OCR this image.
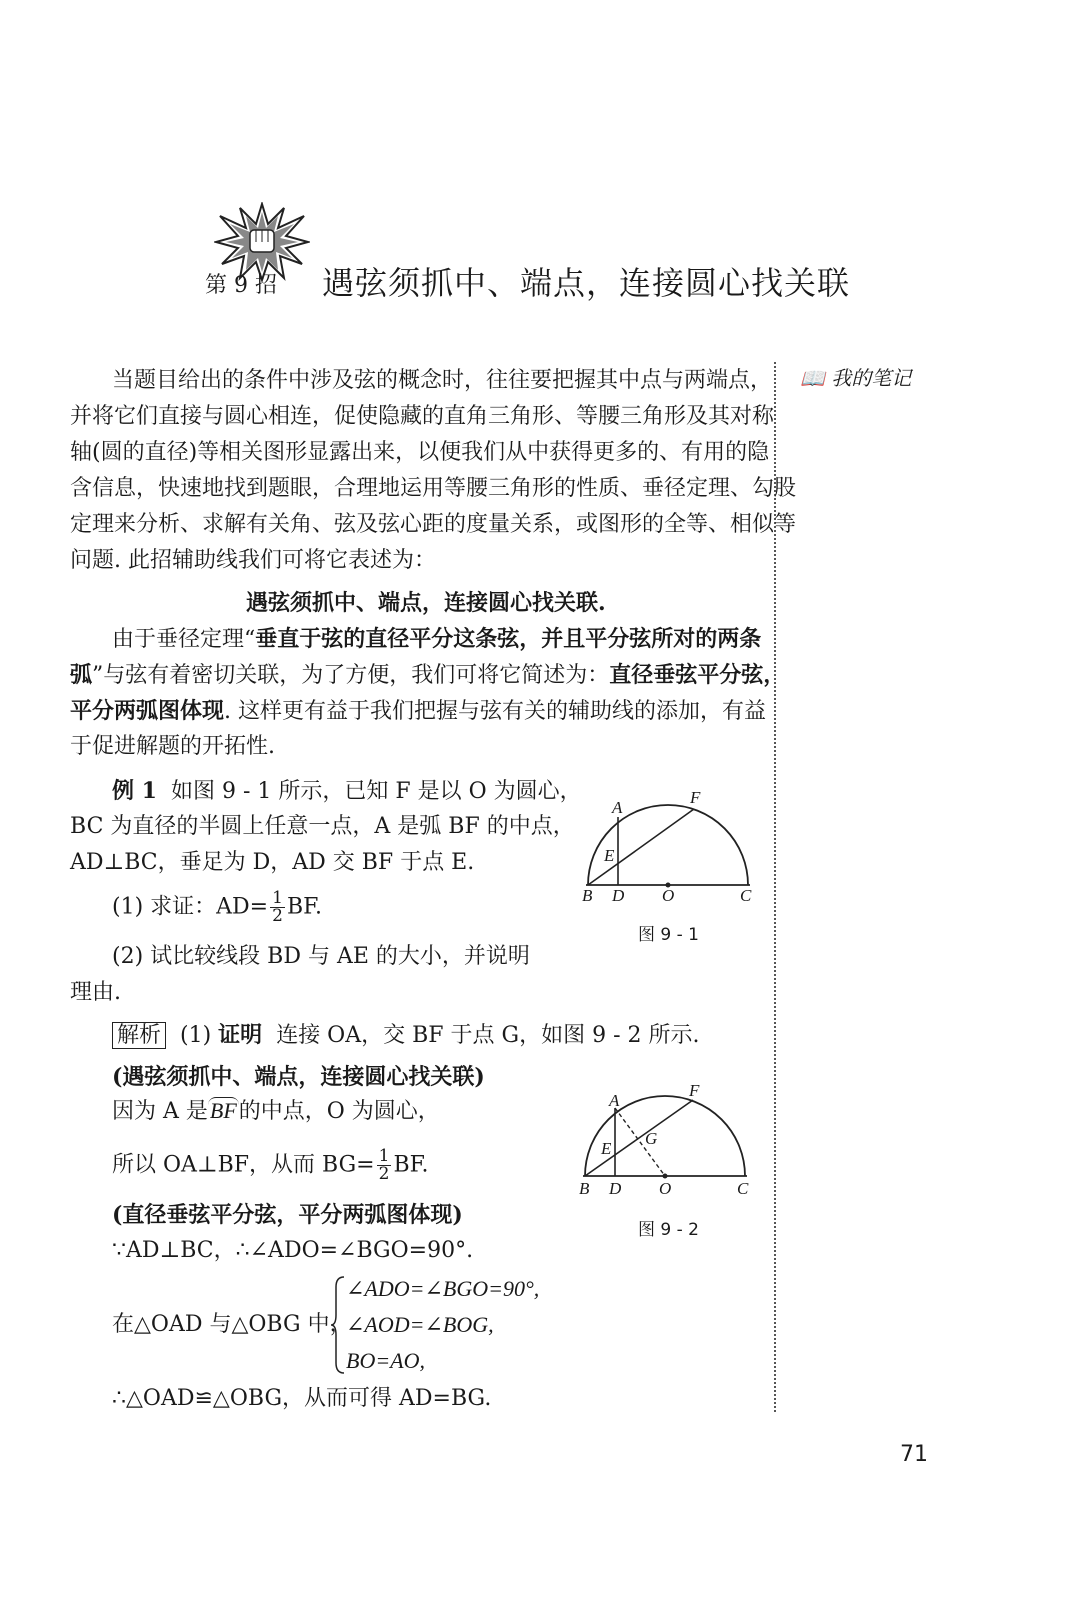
第 9 招 遇弦须抓中、端点，连接圆心找关联
📖 我的笔记
当题目给出的条件中涉及弦的概念时，往往要把握其中点与两端点，
并将它们直接与圆心相连，促使隐藏的直角三角形、等腰三角形及其对称
轴(圆的直径)等相关图形显露出来，以便我们从中获得更多的、有用的隐
含信息，快速地找到题眼，合理地运用等腰三角形的性质、垂径定理、勾股
定理来分析、求解有关角、弦及弦心距的度量关系，或图形的全等、相似等
问题. 此招辅助线我们可将它表述为：
遇弦须抓中、端点，连接圆心找关联.
由于垂径定理“垂直于弦的直径平分这条弦，并且平分弦所对的两条
弧”与弦有着密切关联，为了方便，我们可将它简述为：直径垂弦平分弦，
平分两弧图体现. 这样更有益于我们把握与弦有关的辅助线的添加，有益
于促进解题的开拓性.
例 1 如图 9 - 1 所示，已知 F 是以 O 为圆心，
BC 为直径的半圆上任意一点，A 是弧 BF 的中点，
AD⊥BC，垂足为 D，AD 交 BF 于点 E.
(1) 求证：$AD= \frac{1}{2}$ BF.
(2) 试比较线段 BD 与 AE 的大小，并说明
理由.
A
F
E
B D O	C
图 9 - 1
解析 (1) 证明 连接 OA，交 BF 于点 G，如图 9 - 2 所示.
(遇弦须抓中、端点，连接圆心找关联)
因为 A 是BF的中点，O 为圆心，
所以 OA⊥BF，从而 $BG= \frac{1}{2}$ BF.
(直径垂弦平分弦，平分两弧图体现)
∵AD⊥BC，∴∠ADO=∠BGO=90°.
在△OAD 与△OBG 中，
∠ADO=∠BGO=90°,
∠AOD=∠BOG,
BO=AO,
∴△OAD≌△OBG，从而可得 AD=BG.
A
F
E
G
B D O	C
图 9 - 2
71
